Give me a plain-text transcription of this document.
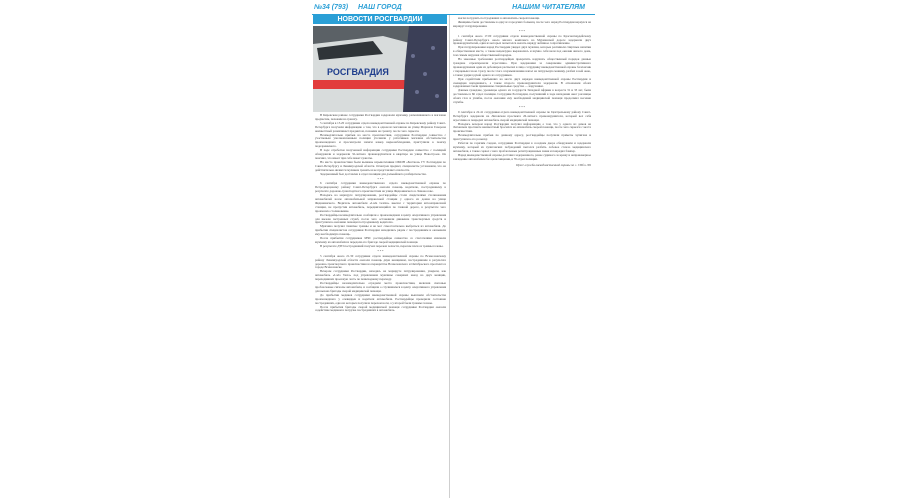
№34 (793) НАШ ГОРОД	НАШИМ ЧИТАТЕЛЯМ
НОВОСТИ РОСГВАРДИИ
РОСГВАРДИЯ

В Кировском районе сотрудники Росгвардии задержали мужчину, размахивавшего в магазине предметом, похожим на гранату.

5 сентября в 13.20 сотрудники отдела вневедомственной охраны по Кировскому району Санкт-Петербурга получили информацию о том, что в одном из магазинов на улице Маршала Говорова неизвестный размахивает предметом, похожим на гранату, после чего скрылся.

Незамедлительно прибыв на место происшествия, сотрудники Росгвардии совместно с участковым уполномоченным полиции уточнили у работников магазина обстоятельства произошедшего и просмотрели записи камер видеонаблюдения, приступили к поиску подозреваемого.

В ходе отработки полученной информации сотрудники Росгвардии совместно с полицией обнаружили и задержали 32-летнего правонарушителя в квартире на улице Новостроек. Он пояснил, что имеет при себе макет гранаты.

На место происшествия были вызваны взрывотехники ОМОН «Бастион» ГУ Росгвардии по Санкт-Петербургу и Ленинградской области. Осмотрев предмет, специалисты установили, что он действительно является муляжом гранаты и не представляет опасности.

Задержанный был доставлен в отдел полиции для дальнейшего разбирательства.

* * *

6 сентября сотрудники вневедомственного отдела вневедомственной охраны по Петродворцовому району Санкт-Петербурга оказали помощь водителю, пострадавшему в результате дорожно-транспортного происшествия на улице Федюнинского в Ломоносове.

Находясь на маршруте патрулирования, росгвардейцы стали свидетелями столкновения автомобилей возле автомобильной заправочной станции у одного из домов на улице Федюнинского. Водитель автомобиля «Lada Granta» выехал с территории автозаправочной станции, не пропустив автомобиль, передвигающийся по главной дороге, в результате чего произошло столкновение.

Росгвардейцы незамедлительно сообщили о произошедшем в центр оперативного управления для вызова экстренных служб, после чего остановили движение транспортных средств и приступили к оказанию помощи пострадавшему водителю.

Мужчина получил тяжёлые травмы и не мог самостоятельно выбраться из автомобиля. До прибытия специалистов сотрудники Росгвардии находились рядом с пострадавшим и оказывали ему необходимую помощь.

После прибытия сотрудников МЧС росгвардейцы совместно со спасателями извлекли мужчину из автомобиля и передали его бригаде скорой медицинской помощи.

В результате ДТП пострадавший получил перелом челюсти, перелом плеча и травмы головы.

* * *

5 сентября около 21.30 сотрудники отдела вневедомственной охраны по Всеволожскому району Ленинградской области оказали помощь двум женщинам, пострадавшим в результате дорожно-транспортного происшествия на перекрёстке Всеволожского и Октябрьского проспекта в городе Всеволожске.

Вечером сотрудники Росгвардии, находясь на маршруте патрулирования, увидели, как автомобиль «Lada Vesta» под управлением мужчины совершил наезд на двух женщин, переходивших проезжую часть по пешеходному переходу.

Росгвардейцы незамедлительно оградили место происшествия, включив световые проблесковые сигналы автомобиля, и сообщили о случившемся в центр оперативного управления для вызова бригады скорой медицинской помощи.

До прибытия медиков сотрудники вневедомственной охраны выяснили обстоятельства произошедшего у очевидцев и водителя автомобиля. Росгвардейцы проверили состояние пострадавших, одна из которых получила перелом ноги, а у второй были травмы головы.

После прибытия бригады скорой медицинской помощи сотрудники Росгвардии оказали содействие медикам в погрузке пострадавших в автомобиль.

могли погрузить пострадавших в автомобиль скорой помощи.

Женщины были доставлены в одну из городских больниц, после чего наряд Росгвардии вернулся на маршрут патрулирования.

* * *

1 сентября около 17.00 сотрудники отдела вневедомственной охраны по Красногвардейскому району Санкт-Петербурга около жилого комплекса на Мурманской дороге задержали двух правонарушителей, один из которых попытался оказать наряду активное сопротивление.

При патрулировании наряд Росгвардии увидел двух мужчин, которые распивали спиртные напитки в общественном месте, а также нецензурно выражались и шумно себя вели под окнами жилого дома, тем самым нарушая общественный порядок.

На законные требования росгвардейцев прекратить нарушать общественный порядок данные граждане отреагировали агрессивно. При задержании за совершение административного правонарушения один из дебоширов распылил в лицо сотруднику вневедомственной охраны баллончик с перцовым газом. Сразу после этого злоумышленник напал на патрульную машину, разбил в ней окно, а также ударил рукой одного из сотрудников.

При содействии прибывших на место двух нарядов вневедомственной охраны Росгвардии и очевидцев нападавшего, а также второго правонарушителя задержали. В отношении обоих задержанных были применены специальные средства — наручники.

Данные граждане, уроженцы одного из государств Западной Африки в возрасте 31 и 33 лет, были доставлены в 66 отдел полиции. Сотрудник Росгвардии, получивший в ходе нападения ожог роговицы обоих глаз и ушибы, после оказания ему необходимой медицинской помощи продолжил несение службы.

* * *

9 сентября в 22.41 сотрудники отдела вневедомственной охраны по Центральному району Санкт-Петербурга задержали на Лиговском проспекте 26-летнего правонарушителя, который вел себя агрессивно и повредил автомобиль скорой медицинской помощи.

Находясь вечером наряд Росгвардии получил информацию о том, что у одного из домов на Лиговском проспекте неизвестный бросился на автомобиль скорой помощи, после чего скрылся с места происшествия.

Незамедлительно прибыв по данному адресу, росгвардейцы получили приметы хулигана и приступили к его розыску.

Работая по горячим следам, сотрудники Росгвардии в соседнем дворе обнаружили и задержали мужчину, который из хулиганских побуждений пытался разбить лобовое стекло медицинского автомобиля, а также сорвал с него проблесковые регистрационные знаки и повредил бампер.

Наряд вневедомственной охраны доставил задержанного, ранее судимого за кражу и неправомерное завладение автомобилем без цели хищения, в 76 отдел полиции.

Пресс-служба вневедомственной охраны по г. СПб и ЛО
